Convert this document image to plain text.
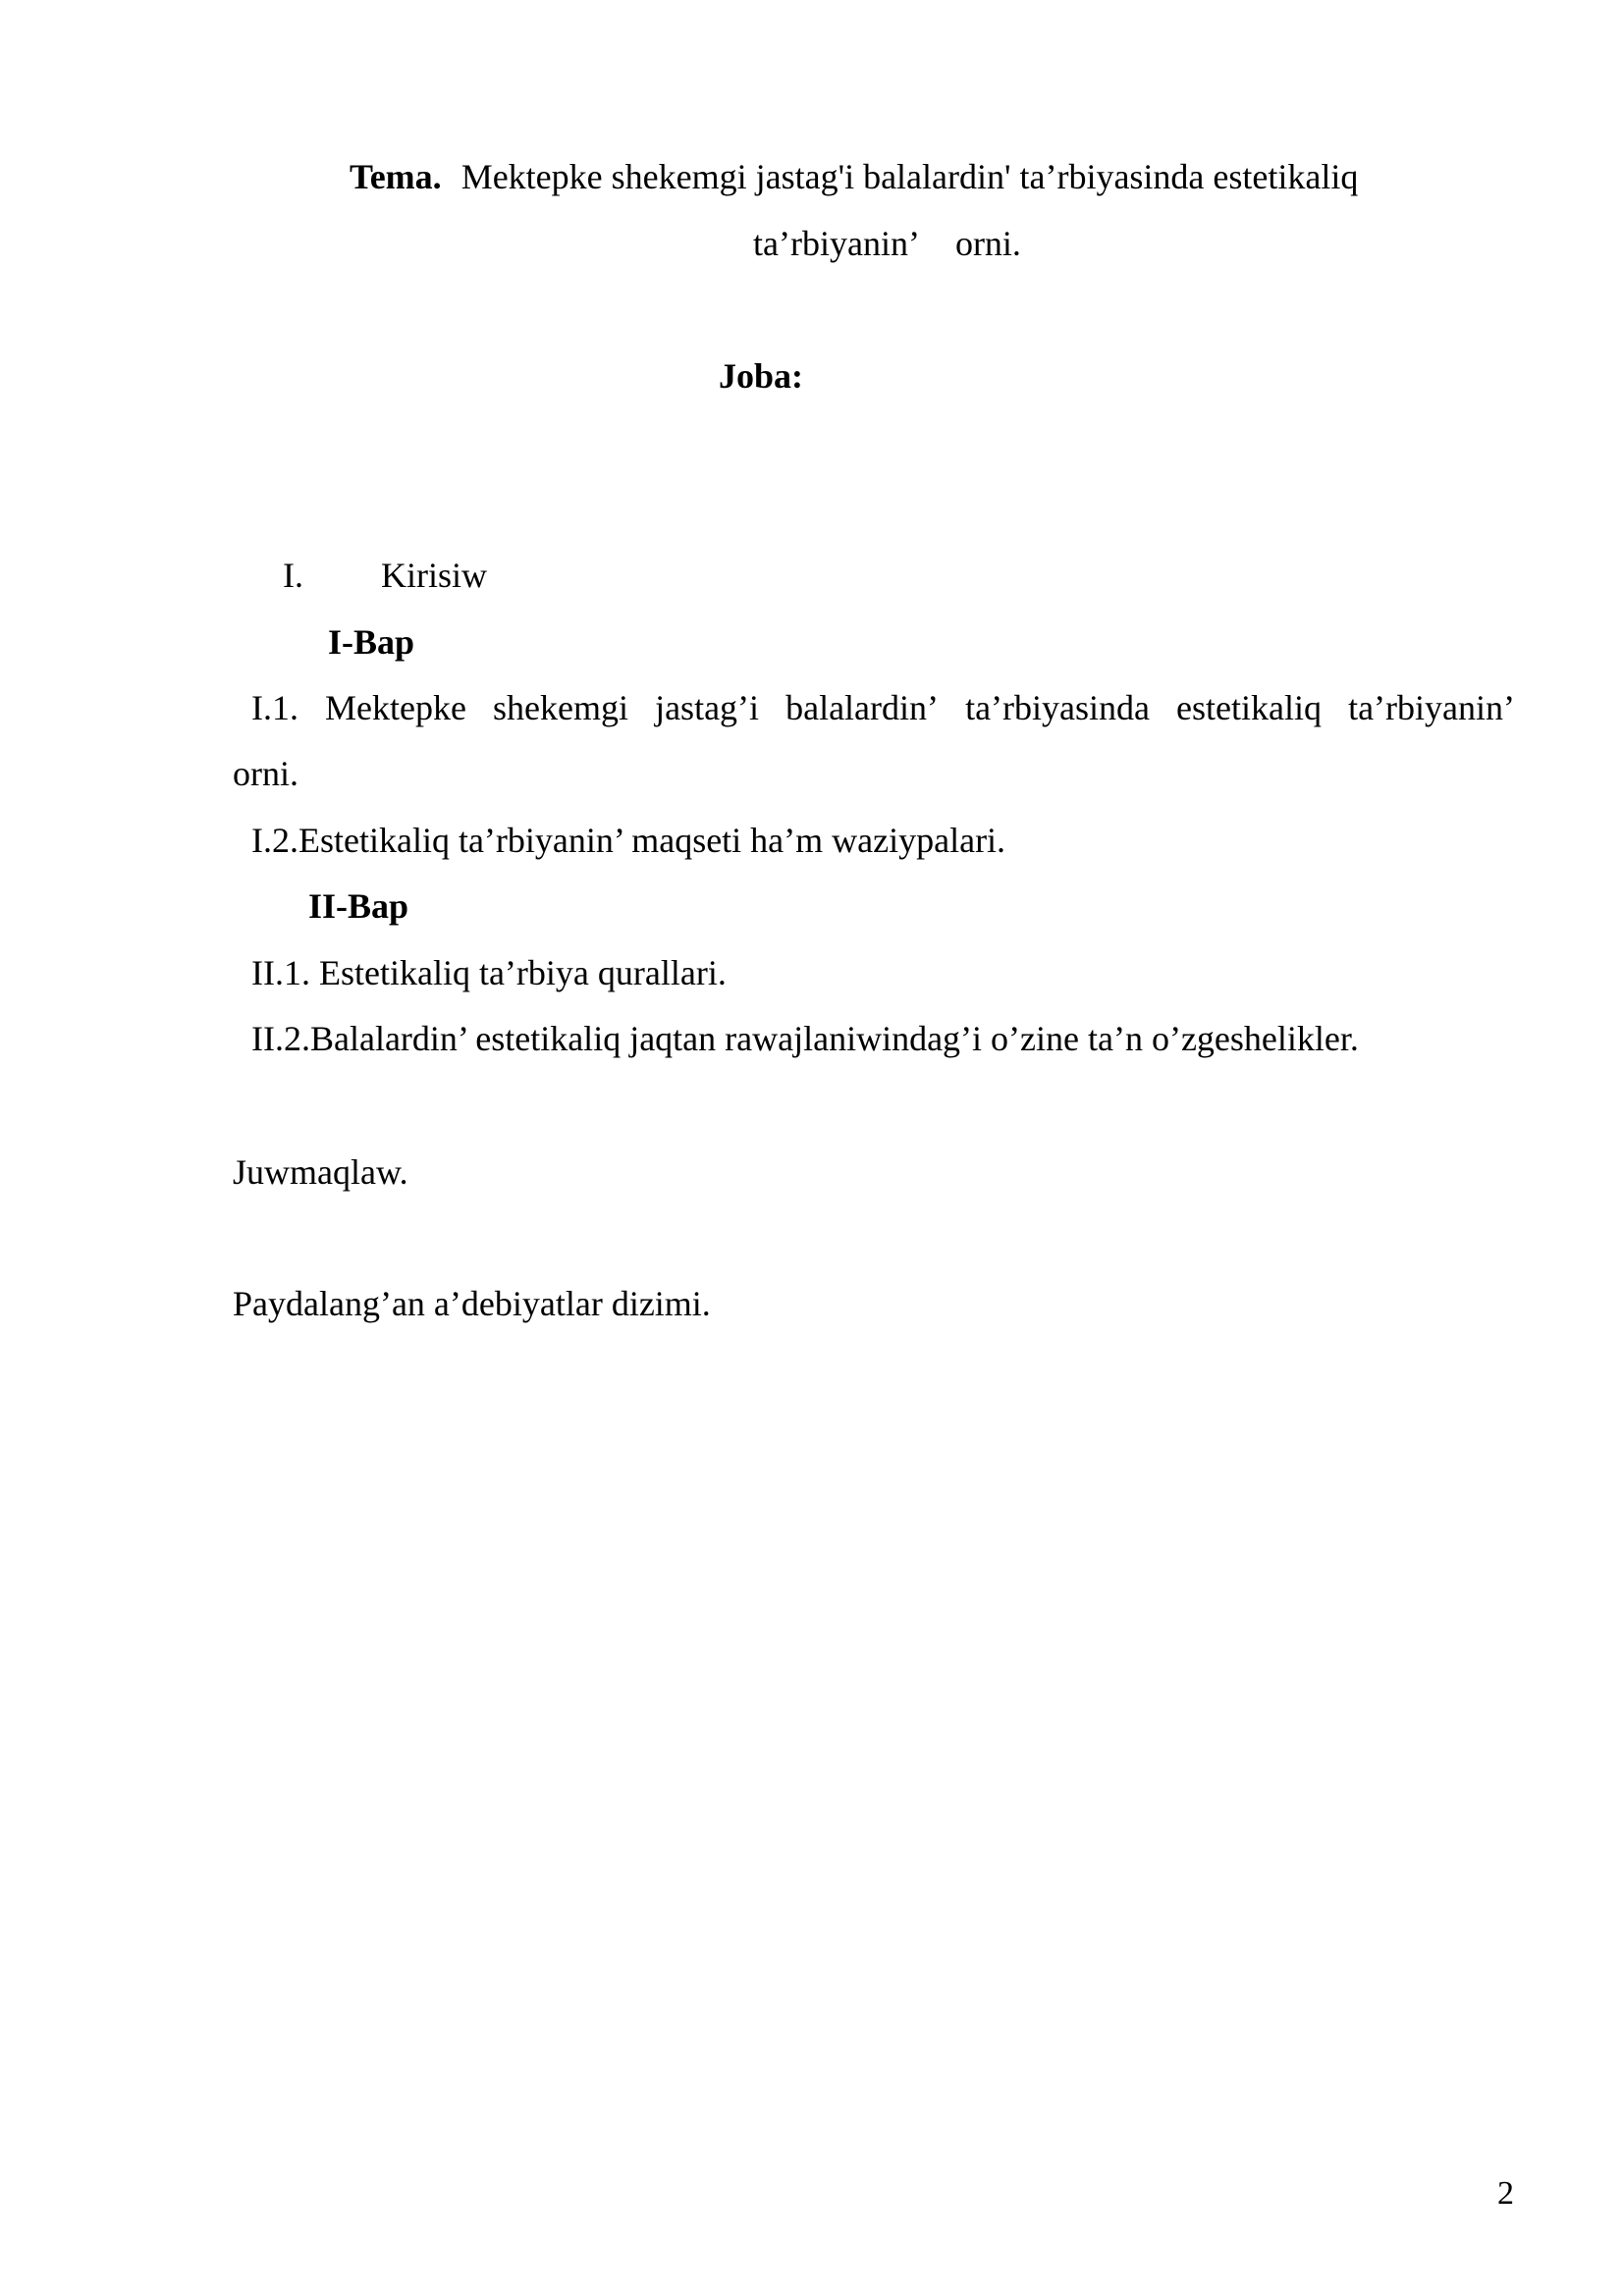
Tema. Mektepke shekemgi jastag'i balalardin' ta’rbiyasinda estetikaliq
ta’rbiyanin’ orni.
Joba:
I. Kirisiw
I-Bap
I.1. Mektepke shekemgi jastag’i balalardin’ ta’rbiyasinda estetikaliq ta’rbiyanin’
orni.
I.2.Estetikaliq ta’rbiyanin’ maqseti ha’m waziypalari.
II-Bap
II.1. Estetikaliq ta’rbiya qurallari.
II.2.Balalardin’ estetikaliq jaqtan rawajlaniwindag’i o’zine ta’n o’zgeshelikler.
Juwmaqlaw.
Paydalang’an a’debiyatlar dizimi.
2
